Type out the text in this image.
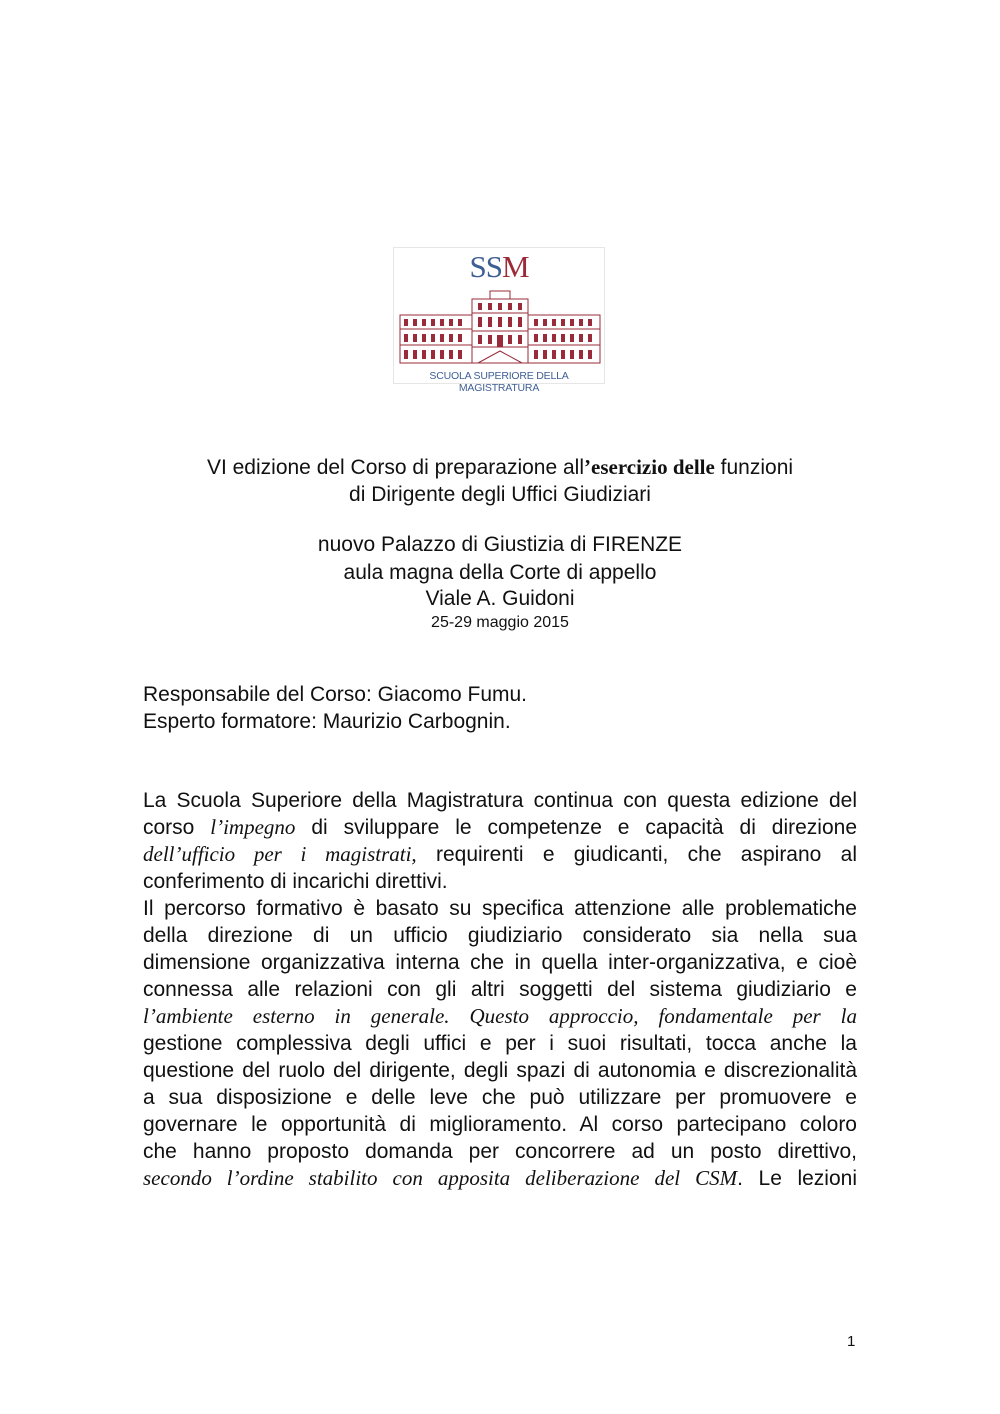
SSM
SCUOLA SUPERIORE DELLA MAGISTRATURA
VI edizione del Corso di preparazione all’esercizio delle funzioni
di Dirigente degli Uffici Giudiziari
nuovo Palazzo di Giustizia di FIRENZE
aula magna della Corte di appello
Viale A. Guidoni
25-29 maggio 2015
Responsabile del Corso: Giacomo Fumu.
Esperto formatore: Maurizio Carbognin.
La Scuola Superiore della Magistratura continua con questa edizione del
corso l’impegno di sviluppare le competenze e capacità di direzione
dell’ufficio per i magistrati, requirenti e giudicanti, che aspirano al
conferimento di incarichi direttivi.
Il percorso formativo è basato su specifica attenzione alle problematiche
della direzione di un ufficio giudiziario considerato sia nella sua
dimensione organizzativa interna che in quella inter-organizzativa, e cioè
connessa alle relazioni con gli altri soggetti del sistema giudiziario e
l’ambiente esterno in generale. Questo approccio, fondamentale per la
gestione complessiva degli uffici e per i suoi risultati, tocca anche la
questione del ruolo del dirigente, degli spazi di autonomia e discrezionalità
a sua disposizione e delle leve che può utilizzare per promuovere e
governare le opportunità di miglioramento. Al corso partecipano coloro
che hanno proposto domanda per concorrere ad un posto direttivo,
secondo l’ordine stabilito con apposita deliberazione del CSM. Le lezioni
1
